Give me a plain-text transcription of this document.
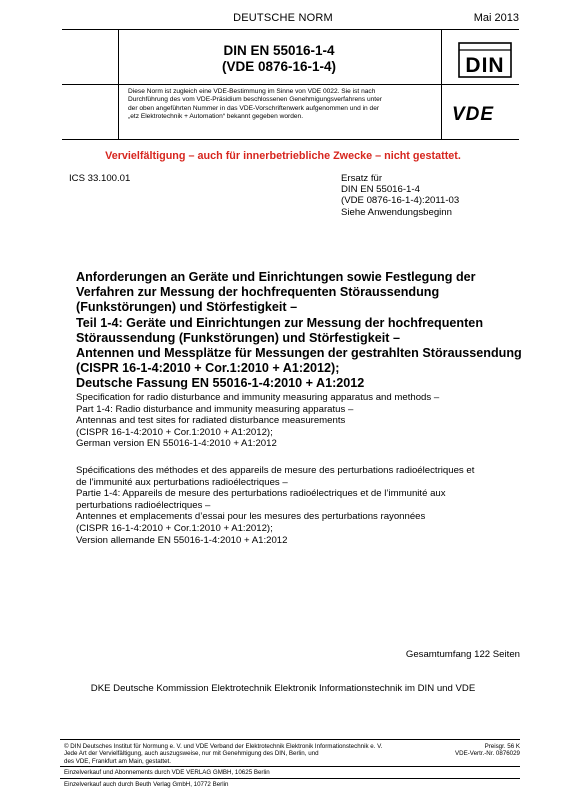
DEUTSCHE NORM	Mai 2013
DIN EN 55016-1-4
(VDE 0876-16-1-4)	DIN
Diese Norm ist zugleich eine VDE-Bestimmung im Sinne von VDE 0022. Sie ist nach
Durchführung des vom VDE-Präsidium beschlossenen Genehmigungsverfahrens unter
der oben angeführten Nummer in das VDE-Vorschriftenwerk aufgenommen und in der
„etz Elektrotechnik + Automation“ bekannt gegeben worden.	VDE
Vervielfältigung – auch für innerbetriebliche Zwecke – nicht gestattet.
ICS 33.100.01	Ersatz für
DIN EN 55016-1-4
(VDE 0876-16-1-4):2011-03
Siehe Anwendungsbeginn
Anforderungen an Geräte und Einrichtungen sowie Festlegung der
Verfahren zur Messung der hochfrequenten Störaussendung
(Funkstörungen) und Störfestigkeit –
Teil 1-4: Geräte und Einrichtungen zur Messung der hochfrequenten
Störaussendung (Funkstörungen) und Störfestigkeit –
Antennen und Messplätze für Messungen der gestrahlten Störaussendung
(CISPR 16-1-4:2010 + Cor.1:2010 + A1:2012);
Deutsche Fassung EN 55016-1-4:2010 + A1:2012
Specification for radio disturbance and immunity measuring apparatus and methods –
Part 1-4: Radio disturbance and immunity measuring apparatus –
Antennas and test sites for radiated disturbance measurements
(CISPR 16-1-4:2010 + Cor.1:2010 + A1:2012);
German version EN 55016-1-4:2010 + A1:2012
Spécifications des méthodes et des appareils de mesure des perturbations radioélectriques et
de l’immunité aux perturbations radioélectriques –
Partie 1-4: Appareils de mesure des perturbations radioélectriques et de l’immunité aux
perturbations radioélectriques –
Antennes et emplacements d’essai pour les mesures des perturbations rayonnées
(CISPR 16-1-4:2010 + Cor.1:2010 + A1:2012);
Version allemande EN 55016-1-4:2010 + A1:2012
Gesamtumfang 122 Seiten
DKE Deutsche Kommission Elektrotechnik Elektronik Informationstechnik im DIN und VDE
© DIN Deutsches Institut für Normung e. V. und VDE Verband der Elektrotechnik Elektronik Informationstechnik e. V.
Jede Art der Vervielfältigung, auch auszugsweise, nur mit Genehmigung des DIN, Berlin, und
des VDE, Frankfurt am Main, gestattet.
Preisgr. 56 K
VDE-Vertr.-Nr. 0876029
Einzelverkauf und Abonnements durch VDE VERLAG GMBH, 10625 Berlin
Einzelverkauf auch durch Beuth Verlag GmbH, 10772 Berlin
